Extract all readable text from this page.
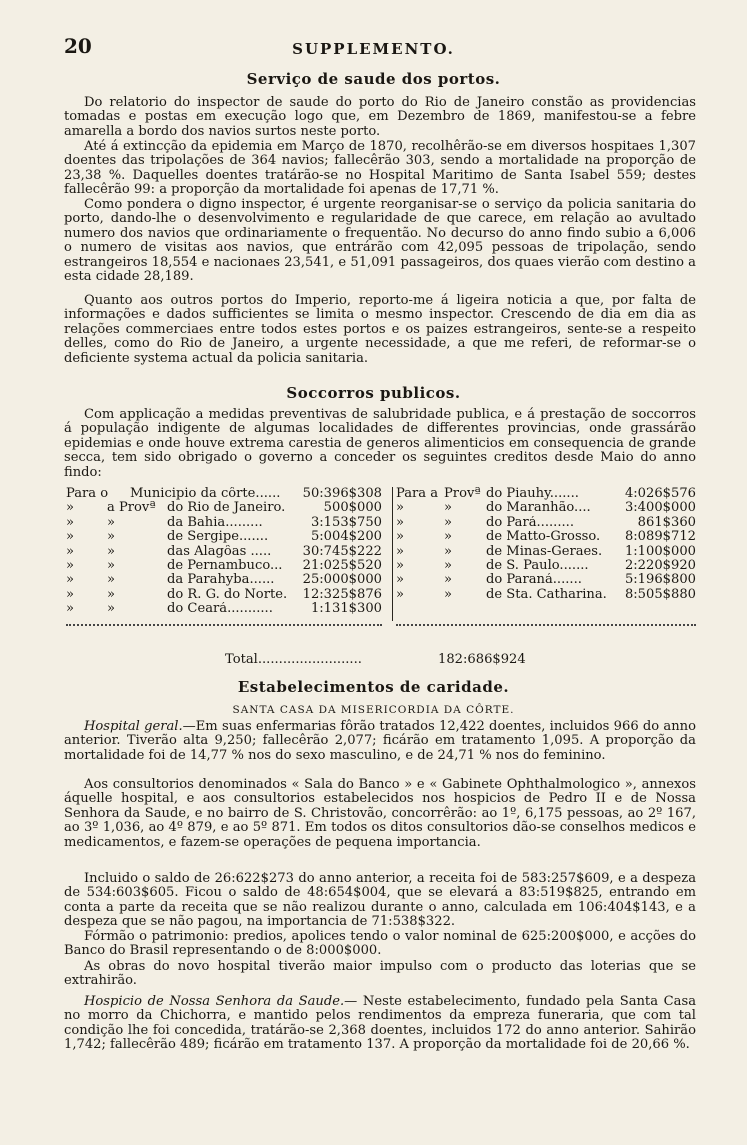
20	SUPPLEMENTO.
Serviço de saude dos portos.

Do relatorio do inspector de saude do porto do Rio de Janeiro constão as providencias tomadas e postas em execução logo que, em Dezembro de 1869, manifestou-se a febre amarella a bordo dos navios surtos neste porto.

Até á extincção da epidemia em Março de 1870, recolhêrão-se em diversos hospitaes 1,307 doentes das tripolações de 364 navios; fallecêrão 303, sendo a mortalidade na proporção de 23,38 %. Daquelles doentes tratárão-se no Hospital Maritimo de Santa Isabel 559; destes fallecêrão 99: a proporção da mortalidade foi apenas de 17,71 %.

Como pondera o digno inspector, é urgente reorganisar-se o serviço da policia sanitaria do porto, dando-lhe o desenvolvimento e regularidade de que carece, em relação ao avultado numero dos navios que ordinariamente o frequentão. No decurso do anno findo subio a 6,006 o numero de visitas aos navios, que entrárão com 42,095 pessoas de tripolação, sendo estrangeiros 18,554 e nacionaes 23,541, e 51,091 passageiros, dos quaes vierão com destino a esta cidade 28,189.

Quanto aos outros portos do Imperio, reporto-me á ligeira noticia a que, por falta de informações e dados sufficientes se limita o mesmo inspector. Crescendo de dia em dia as relações commerciaes entre todos estes portos e os paizes estrangeiros, sente-se a respeito delles, como do Rio de Janeiro, a urgente necessidade, a que me referi, de reformar-se o deficiente systema actual da policia sanitaria.

Soccorros publicos.

Com applicação a medidas preventivas de salubridade publica, e á prestação de soccorros á população indigente de algumas localidades de differentes provincias, onde grassárão epidemias e onde houve extrema carestia de generos alimenticios em consequencia de grande secca, tem sido obrigado o governo a conceder os seguintes creditos desde Maio do anno findo:

Para o Municipio da côrte......	50:396$308
»	a Provª do Rio de Janeiro.	500$000
»	»	da Bahia.........	3:153$750
»	»	de Sergipe.......	5:004$200
»	»	das Alagôas .....	30:745$222
»	»	de Pernambuco...	21:025$520
»	»	da Parahyba......	25:000$000
»	»	do R. G. do Norte.	12:325$876
»	»	do Ceará...........	1:131$300
Para a Provª do Piauhy.......	4:026$576
»	»	do Maranhão....	3:400$000
»	»	do Pará.........	861$360
»	»	de Matto-Grosso.	8:089$712
»	»	de Minas-Geraes.	1:100$000
»	»	de S. Paulo.......	2:220$920
»	»	do Paraná.......	5:196$800
»	»	de Sta. Catharina.	8:505$880
Total.........................	182:686$924
Estabelecimentos de caridade.
SANTA CASA DA MISERICORDIA DA CÔRTE.

Hospital geral.—Em suas enfermarias fôrão tratados 12,422 doentes, incluidos 966 do anno anterior. Tiverão alta 9,250; fallecêrão 2,077; ficárão em tratamento 1,095. A proporção da mortalidade foi de 14,77 % nos do sexo masculino, e de 24,71 % nos do feminino.

Aos consultorios denominados « Sala do Banco » e « Gabinete Ophthalmologico », annexos áquelle hospital, e aos consultorios estabelecidos nos hospicios de Pedro II e de Nossa Senhora da Saude, e no bairro de S. Christovão, concorrêrão: ao 1º, 6,175 pessoas, ao 2º 167, ao 3º 1,036, ao 4º 879, e ao 5º 871. Em todos os ditos consultorios dão-se conselhos medicos e medicamentos, e fazem-se operações de pequena importancia.

Incluido o saldo de 26:622$273 do anno anterior, a receita foi de 583:257$609, e a despeza de 534:603$605. Ficou o saldo de 48:654$004, que se elevará a 83:519$825, entrando em conta a parte da receita que se não realizou durante o anno, calculada em 106:404$143, e a despeza que se não pagou, na importancia de 71:538$322.

Fórmão o patrimonio: predios, apolices tendo o valor nominal de 625:200$000, e acções do Banco do Brasil representando o de 8:000$000.

As obras do novo hospital tiverão maior impulso com o producto das loterias que se extrahirão.

Hospicio de Nossa Senhora da Saude.— Neste estabelecimento, fundado pela Santa Casa no morro da Chichorra, e mantido pelos rendimentos da empreza funeraria, que com tal condição lhe foi concedida, tratárão-se 2,368 doentes, incluidos 172 do anno anterior. Sahirão 1,742; fallecêrão 489; ficárão em tratamento 137. A proporção da mortalidade foi de 20,66 %.
